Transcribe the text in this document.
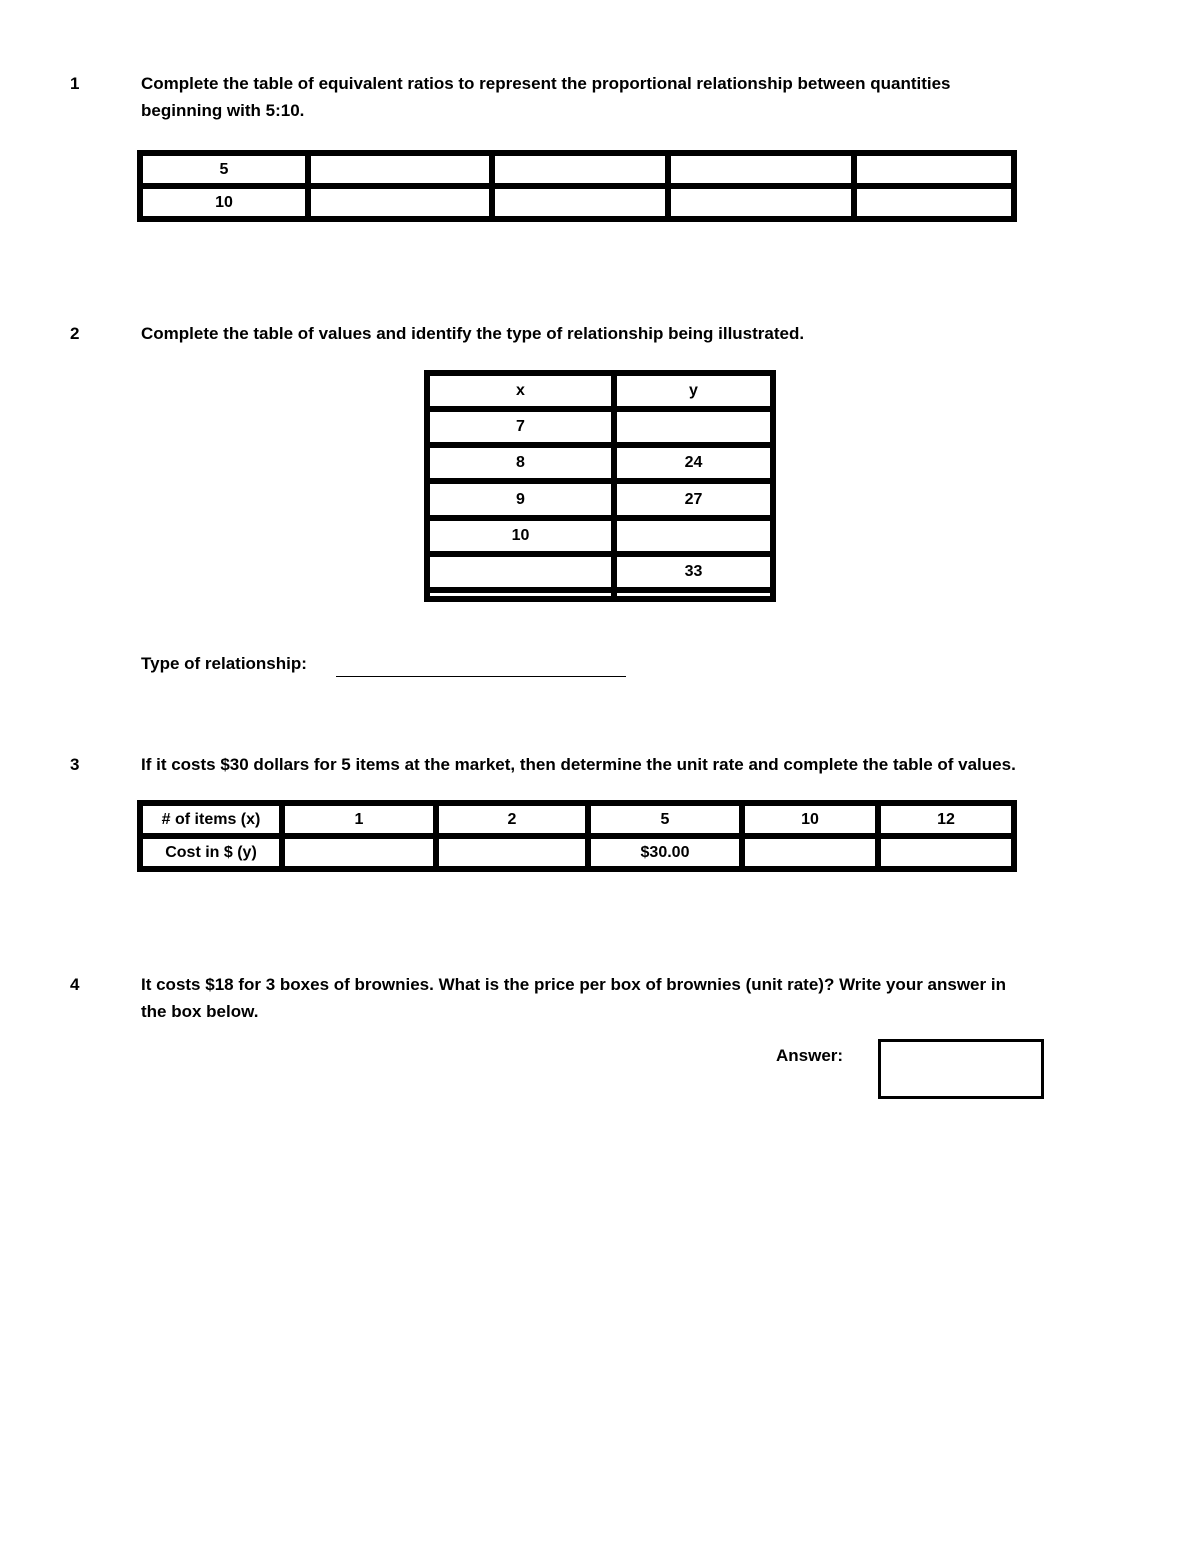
1	Complete the table of equivalent ratios to represent the proportional relationship between quantities
beginning with 5:10.
5				
10				
2	Complete the table of values and identify the type of relationship being illustrated.
x	y
7	
8	24
9	27
10	
	33

Type of relationship:
3	If it costs $30 dollars for 5 items at the market, then determine the unit rate and complete the table of values.
# of items (x)	1	2	5	10	12
Cost in $ (y)			$30.00		
4	It costs $18 for 3 boxes of brownies. What is the price per box of brownies (unit rate)? Write your answer in
the box below.
Answer:
